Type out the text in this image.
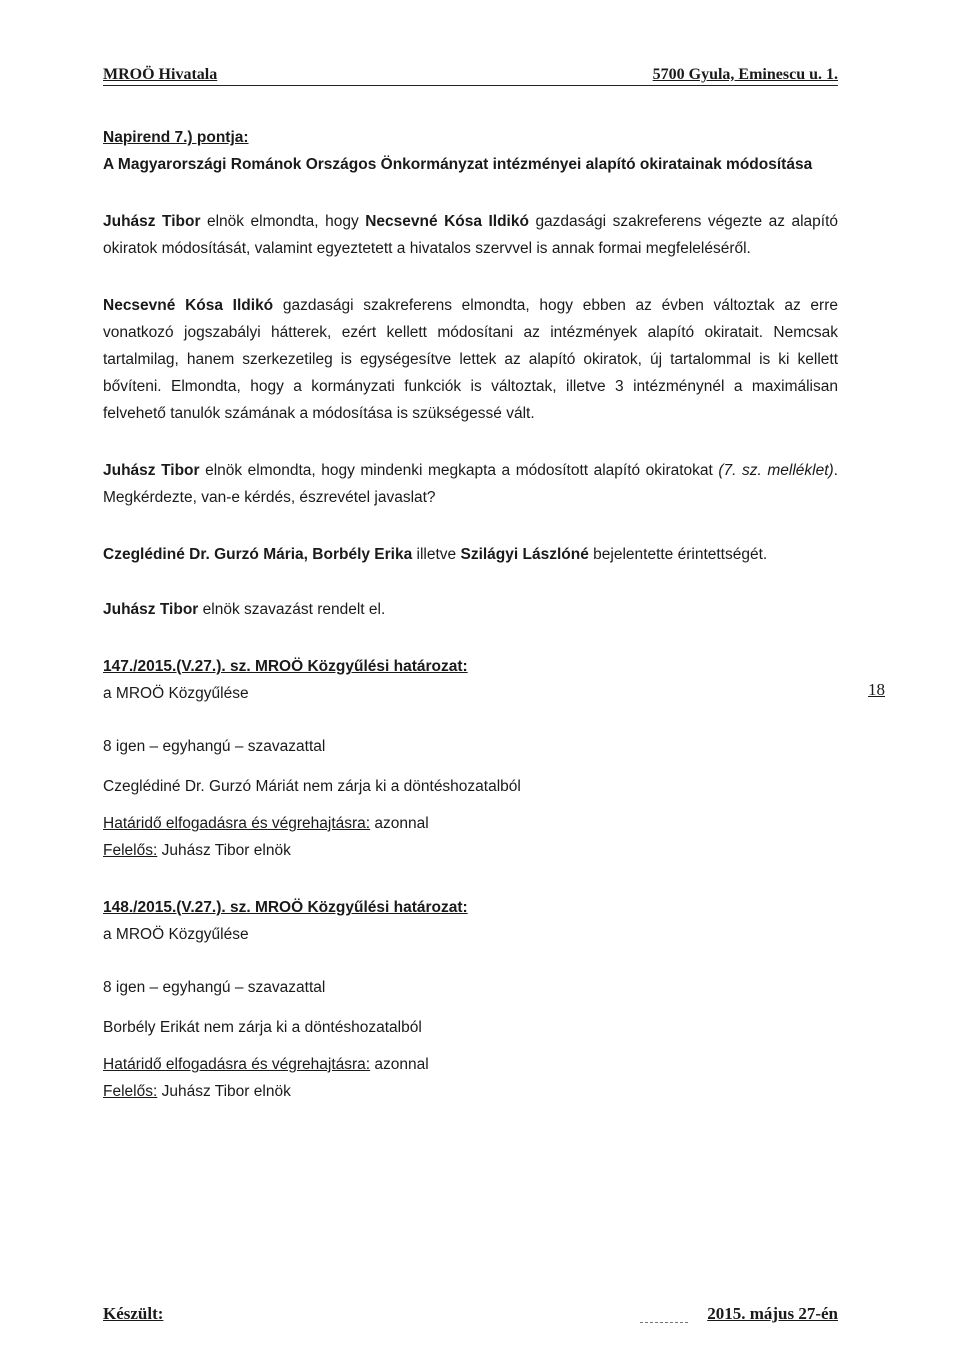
MROÖ Hivatala	5700 Gyula, Eminescu u. 1.

Napirend 7.) pontja:

A Magyarországi Románok Országos Önkormányzat intézményei alapító okiratainak módosítása

Juhász Tibor elnök elmondta, hogy Necsevné Kósa Ildikó gazdasági szakreferens végezte az alapító okiratok módosítását, valamint egyeztetett a hivatalos szervvel is annak formai megfeleléséről.

Necsevné Kósa Ildikó gazdasági szakreferens elmondta, hogy ebben az évben változtak az erre vonatkozó jogszabályi hátterek, ezért kellett módosítani az intézmények alapító okiratait. Nemcsak tartalmilag, hanem szerkezetileg is egységesítve lettek az alapító okiratok, új tartalommal is ki kellett bővíteni. Elmondta, hogy a kormányzati funkciók is változtak, illetve 3 intézménynél a maximálisan felvehető tanulók számának a módosítása is szükségessé vált.

Juhász Tibor elnök elmondta, hogy mindenki megkapta a módosított alapító okiratokat (7. sz. melléklet). Megkérdezte, van-e kérdés, észrevétel javaslat?

Czeglédiné Dr. Gurzó Mária, Borbély Erika illetve Szilágyi Lászlóné bejelentette érintettségét.

Juhász Tibor elnök szavazást rendelt el.

147./2015.(V.27.). sz. MROÖ Közgyűlési határozat:

a MROÖ Közgyűlése

8 igen – egyhangú – szavazattal

Czeglédiné Dr. Gurzó Máriát nem zárja ki a döntéshozatalból

Határidő elfogadásra és végrehajtásra: azonnal

Felelős: Juhász Tibor elnök

148./2015.(V.27.). sz. MROÖ Közgyűlési határozat:

a MROÖ Közgyűlése

8 igen – egyhangú – szavazattal

Borbély Erikát nem zárja ki a döntéshozatalból

Határidő elfogadásra és végrehajtásra: azonnal

Felelős: Juhász Tibor elnök

18
Készült:	2015. május 27-én
